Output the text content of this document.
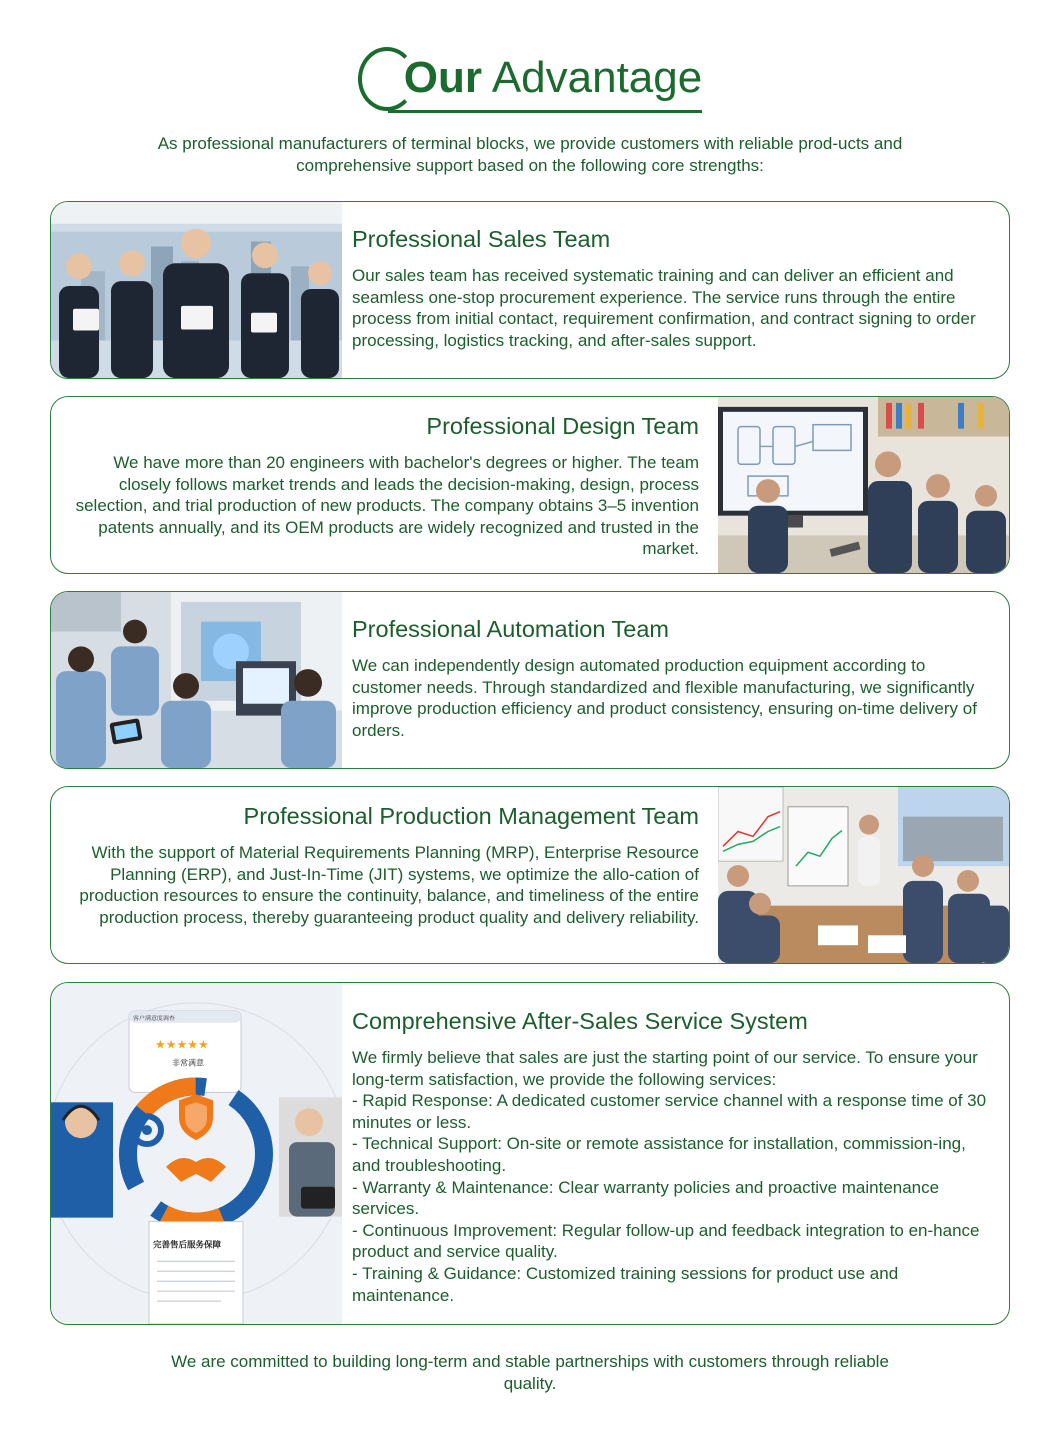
Our Advantage
As professional manufacturers of terminal blocks, we provide customers with reliable prod-ucts and comprehensive support based on the following core strengths:
Professional Sales Team

Our sales team has received systematic training and can deliver an efficient and seamless one-stop procurement experience. The service runs through the entire process from initial contact, requirement confirmation, and contract signing to order processing, logistics tracking, and after-sales support.

Professional Design Team

We have more than 20 engineers with bachelor's degrees or higher. The team closely follows market trends and leads the decision-making, design, process selection, and trial production of new products. The company obtains 3–5 invention patents annually, and its OEM products are widely recognized and trusted in the market.

Professional Automation Team

We can independently design automated production equipment according to customer needs. Through standardized and flexible manufacturing, we significantly improve production efficiency and product consistency, ensuring on-time delivery of orders.

Professional Production Management Team

With the support of Material Requirements Planning (MRP), Enterprise Resource Planning (ERP), and Just-In-Time (JIT) systems, we optimize the allo-cation of production resources to ensure the continuity, balance, and timeliness of the entire production process, thereby guaranteeing product quality and delivery reliability.

客户满意度调查
★★★★★
非常满意
完善售后服务保障
Comprehensive After-Sales Service System

We firmly believe that sales are just the starting point of our service. To ensure your long-term satisfaction, we provide the following services:
- Rapid Response: A dedicated customer service channel with a response time of 30 minutes or less.
- Technical Support: On-site or remote assistance for installation, commission-ing, and troubleshooting.
- Warranty & Maintenance: Clear warranty policies and proactive maintenance services.
- Continuous Improvement: Regular follow-up and feedback integration to en-hance product and service quality.
- Training & Guidance: Customized training sessions for product use and maintenance.

We are committed to building long-term and stable partnerships with customers through reliable quality.
